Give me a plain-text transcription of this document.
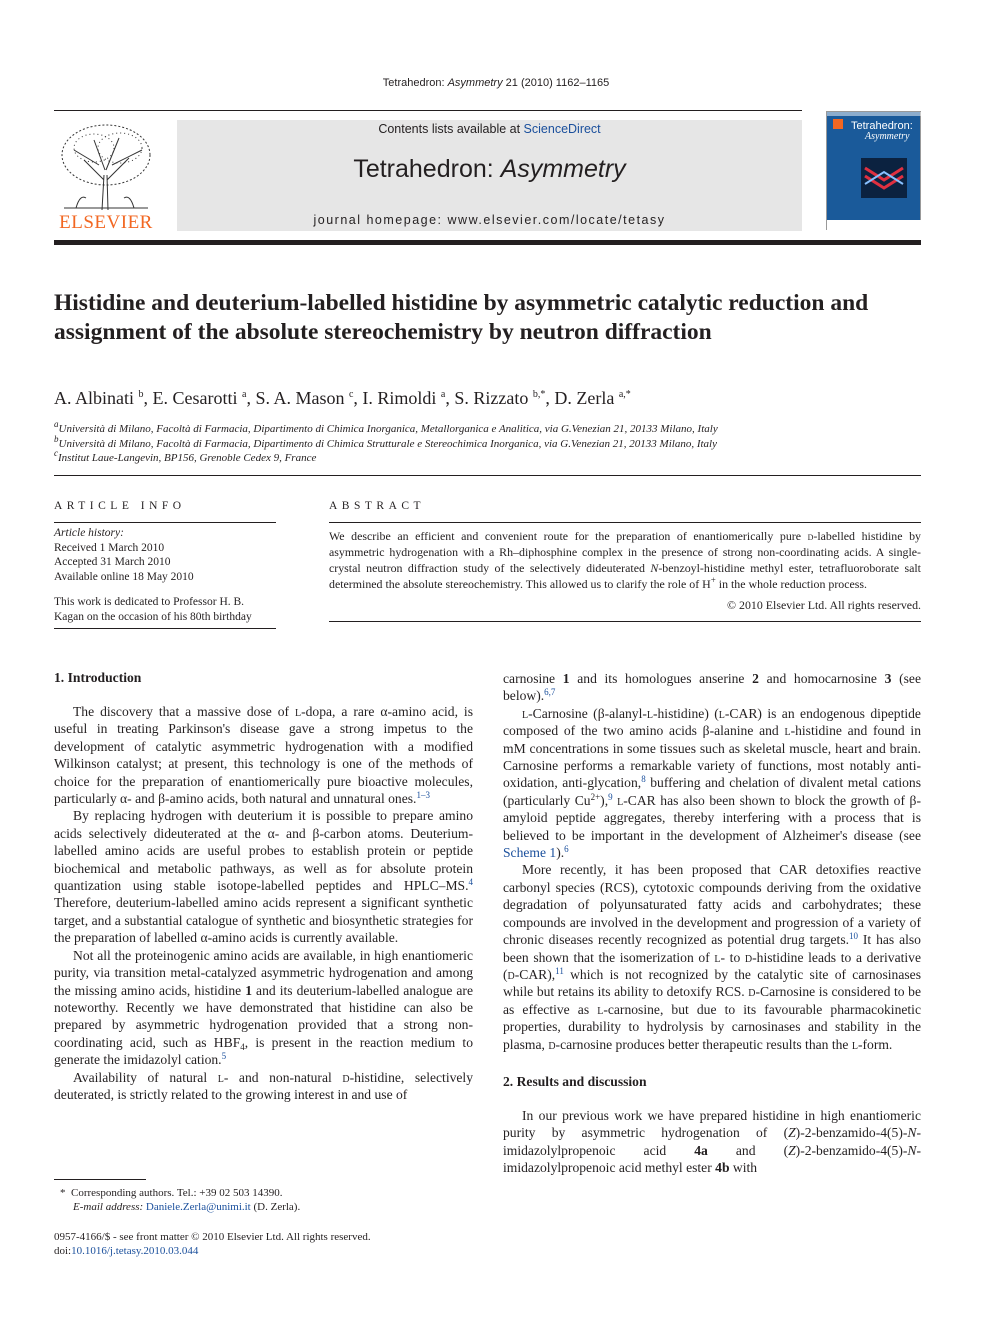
Tetrahedron: Asymmetry 21 (2010) 1162–1165
ELSEVIER
Contents lists available at ScienceDirect
Tetrahedron: Asymmetry
journal homepage: www.elsevier.com/locate/tetasy
Tetrahedron:
Asymmetry
Histidine and deuterium-labelled histidine by asymmetric catalytic reduction and assignment of the absolute stereochemistry by neutron diffraction
A. Albinati $^b$, E. Cesarotti $^a$, S. A. Mason $^c$, I. Rimoldi $^a$, S. Rizzato $^{b,*}$, D. Zerla $^{a,*}$
$^a$Università di Milano, Facoltà di Farmacia, Dipartimento di Chimica Inorganica, Metallorganica e Analitica, via G.Venezian 21, 20133 Milano, Italy
$^b$Università di Milano, Facoltà di Farmacia, Dipartimento di Chimica Strutturale e Stereochimica Inorganica, via G.Venezian 21, 20133 Milano, Italy
$^c$Institut Laue-Langevin, BP156, Grenoble Cedex 9, France
ARTICLE INFO
Article history:
Received 1 March 2010
Accepted 31 March 2010
Available online 18 May 2010
This work is dedicated to Professor H. B. Kagan on the occasion of his 80th birthday
ABSTRACT

We describe an efficient and convenient route for the preparation of enantiomerically pure d-labelled histidine by asymmetric hydrogenation with a Rh–diphosphine complex in the presence of strong non-coordinating acids. A single-crystal neutron diffraction study of the selectively dideuterated N-benzoyl-histidine methyl ester, tetrafluoroborate salt determined the absolute stereochemistry. This allowed us to clarify the role of H+ in the whole reduction process.

© 2010 Elsevier Ltd. All rights reserved.
1. Introduction

The discovery that a massive dose of l-dopa, a rare α-amino acid, is useful in treating Parkinson's disease gave a strong impetus to the development of catalytic asymmetric hydrogenation with a modified Wilkinson catalyst; at present, this technology is one of the methods of choice for the preparation of enantiomerically pure bioactive molecules, particularly α- and β-amino acids, both natural and unnatural ones.$^{1-3}$

By replacing hydrogen with deuterium it is possible to prepare amino acids selectively dideuterated at the α- and β-carbon atoms. Deuterium-labelled amino acids are useful probes to establish protein or peptide biochemical and metabolic pathways, as well as for absolute protein quantization using stable isotope-labelled peptides and HPLC–MS.$^4$ Therefore, deuterium-labelled amino acids represent a significant synthetic target, and a substantial catalogue of synthetic and biosynthetic strategies for the preparation of labelled α-amino acids is currently available.

Not all the proteinogenic amino acids are available, in high enantiomeric purity, via transition metal-catalyzed asymmetric hydrogenation and among the missing amino acids, histidine 1 and its deuterium-labelled analogue are noteworthy. Recently we have demonstrated that histidine can also be prepared by asymmetric hydrogenation provided that a strong non-coordinating acid, such as $HBF_4$, is present in the reaction medium to generate the imidazolyl cation.$^5$

Availability of natural l- and non-natural d-histidine, selectively deuterated, is strictly related to the growing interest in and use of

carnosine 1 and its homologues anserine 2 and homocarnosine 3 (see below).$^{6,7}$

l-Carnosine (β-alanyl-l-histidine) (l-CAR) is an endogenous dipeptide composed of the two amino acids β-alanine and l-histidine and found in mM concentrations in some tissues such as skeletal muscle, heart and brain. Carnosine performs a remarkable variety of functions, most notably anti-oxidation, anti-glycation,$^8$ buffering and chelation of divalent metal cations (particularly $Cu^{2+}),^9$ l-CAR has also been shown to block the growth of β-amyloid peptide aggregates, thereby interfering with a process that is believed to be important in the development of Alzheimer's disease (see Scheme 1).$^6$

More recently, it has been proposed that CAR detoxifies reactive carbonyl species (RCS), cytotoxic compounds deriving from the oxidative degradation of polyunsaturated fatty acids and carbohydrates; these compounds are involved in the development and progression of a variety of chronic diseases recently recognized as potential drug targets.$^{10}$ It has also been shown that the isomerization of l- to d-histidine leads to a derivative (d-CAR),$^{11}$ which is not recognized by the catalytic site of carnosinases while but retains its ability to detoxify RCS. d-Carnosine is considered to be as effective as l-carnosine, but due to its favourable pharmacokinetic properties, durability to hydrolysis by carnosinases and stability in the plasma, d-carnosine produces better therapeutic results than the l-form.

2. Results and discussion

In our previous work we have prepared histidine in high enantiomeric purity by asymmetric hydrogenation of (Z)-2-benzamido-4(5)-N-imidazolylpropenoic acid 4a and (Z)-2-benzamido-4(5)-N-imidazolylpropenoic acid methyl ester 4b with

* Corresponding authors. Tel.: +39 02 503 14390.
E-mail address: Daniele.Zerla@unimi.it (D. Zerla).
0957-4166/$ - see front matter © 2010 Elsevier Ltd. All rights reserved.
doi:10.1016/j.tetasy.2010.03.044
